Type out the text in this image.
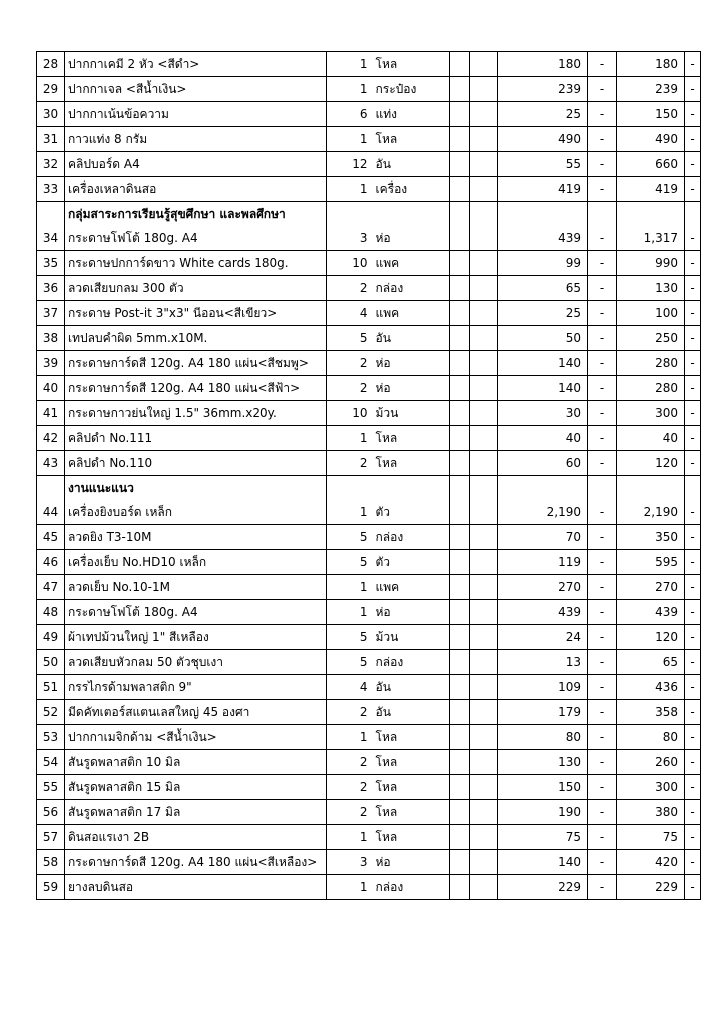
28	ปากกาเคมี 2 หัว <สีดำ>	1	โหล			180	-	180	-
29	ปากกาเจล <สีน้ำเงิน>	1	กระป๋อง			239	-	239	-
30	ปากกาเน้นข้อความ	6	แท่ง			25	-	150	-
31	กาวแท่ง 8 กรัม	1	โหล			490	-	490	-
32	คลิปบอร์ด A4	12	อัน			55	-	660	-
33	เครื่องเหลาดินสอ	1	เครื่อง			419	-	419	-
	กลุ่มสาระการเรียนรู้สุขศึกษา และพลศึกษา								
34	กระดาษโฟโต้ 180g. A4	3	ห่อ			439	-	1,317	-
35	กระดาษปกการ์ดขาว White cards 180g.	10	แพค			99	-	990	-
36	ลวดเสียบกลม 300 ตัว	2	กล่อง			65	-	130	-
37	กระดาษ Post-it 3"x3" นีออน<สีเขียว>	4	แพค			25	-	100	-
38	เทปลบคำผิด 5mm.x10M.	5	อัน			50	-	250	-
39	กระดาษการ์ดสี 120g. A4 180 แผ่น<สีชมพู>	2	ห่อ			140	-	280	-
40	กระดาษการ์ดสี 120g. A4 180 แผ่น<สีฟ้า>	2	ห่อ			140	-	280	-
41	กระดาษกาวย่นใหญ่ 1.5" 36mm.x20y.	10	ม้วน			30	-	300	-
42	คลิปดำ No.111	1	โหล			40	-	40	-
43	คลิปดำ No.110	2	โหล			60	-	120	-
	งานแนะแนว								
44	เครื่องยิงบอร์ด เหล็ก	1	ตัว			2,190	-	2,190	-
45	ลวดยิง T3-10M	5	กล่อง			70	-	350	-
46	เครื่องเย็บ No.HD10 เหล็ก	5	ตัว			119	-	595	-
47	ลวดเย็บ No.10-1M	1	แพค			270	-	270	-
48	กระดาษโฟโต้ 180g. A4	1	ห่อ			439	-	439	-
49	ผ้าเทปม้วนใหญ่ 1" สีเหลือง	5	ม้วน			24	-	120	-
50	ลวดเสียบหัวกลม 50 ตัวชุบเงา	5	กล่อง			13	-	65	-
51	กรรไกรด้ามพลาสติก 9"	4	อัน			109	-	436	-
52	มีดคัทเตอร์สแตนเลสใหญ่ 45 องศา	2	อัน			179	-	358	-
53	ปากกาเมจิกด้าม <สีน้ำเงิน>	1	โหล			80	-	80	-
54	สันรูดพลาสติก 10 มิล	2	โหล			130	-	260	-
55	สันรูดพลาสติก 15 มิล	2	โหล			150	-	300	-
56	สันรูดพลาสติก 17 มิล	2	โหล			190	-	380	-
57	ดินสอแรเงา 2B	1	โหล			75	-	75	-
58	กระดาษการ์ดสี 120g. A4 180 แผ่น<สีเหลือง>	3	ห่อ			140	-	420	-
59	ยางลบดินสอ	1	กล่อง			229	-	229	-
